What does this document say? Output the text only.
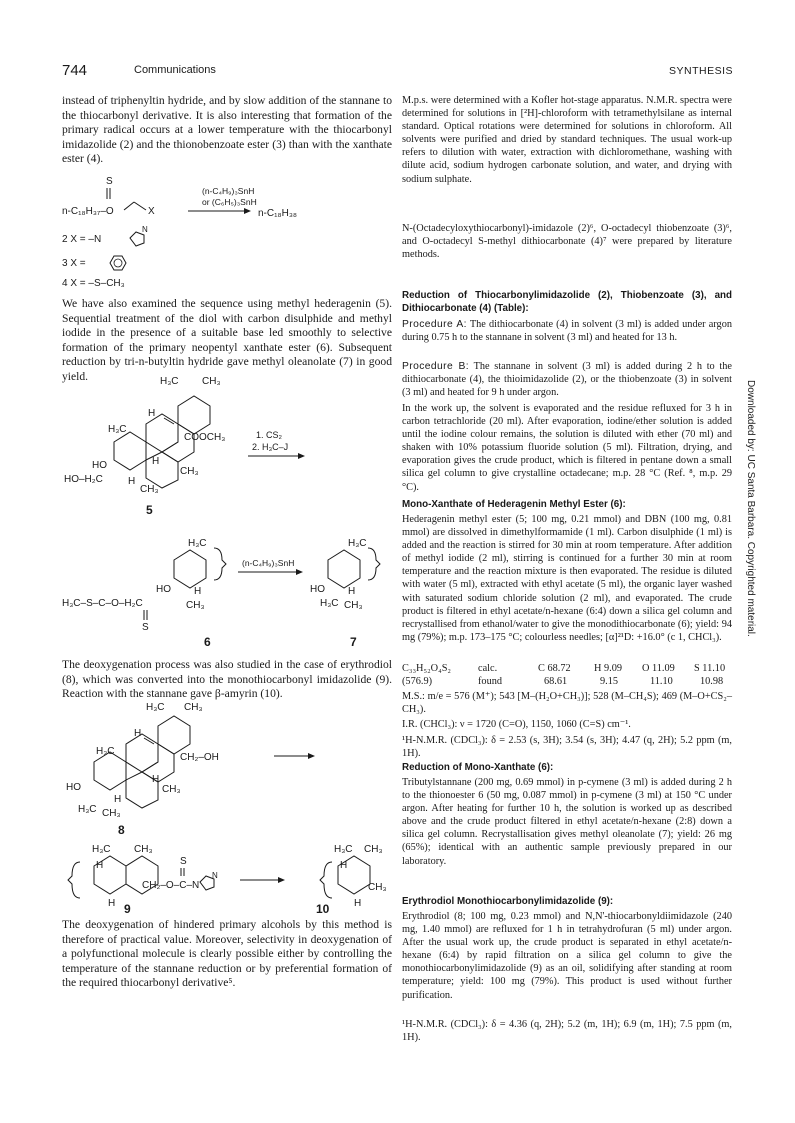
744	Communications	SYNTHESIS
Downloaded by: UC Santa Barbara. Copyrighted material.
instead of triphenyltin hydride, and by slow addition of the stannane to the thiocarbonyl derivative. It is also interesting that formation of the primary radical occurs at a lower temperature with the thiocarbonyl imidazolide (2) and the thionobenzoate ester (3) than with the xanthate ester (4).
S
n-C₁₈H₃₇–O	X
(n-C₄H₉)₃SnH
or (C₆H₅)₃SnH
n-C₁₈H₃₈
2 X = –N
N
3 X =
4 X = –S–CH₃
We have also examined the sequence using methyl hederagenin (5). Sequential treatment of the diol with carbon disulphide and methyl iodide in the presence of a suitable base led smoothly to selective formation of the primary neopentyl xanthate ester (6). Subsequent reduction by tri-n-butyltin hydride gave methyl oleanolate (7) in good yield.	H₃C CH₃
H
H₃C
COOCH₃
H
CH₃
HO
HO–H₂C	H
CH₃
1. CS₂
2. H₃C–J
5
H₃C
HO H
H₃C–S–C–O–H₂C	CH₃
S
(n-C₄H₉)₃SnH
H₃C
HO H
H₃C CH₃
6	7
The deoxygenation process was also studied in the case of erythrodiol (8), which was converted into the monothiocarbonyl imidazolide (9). Reaction with the stannane gave β-amyrin (10).
H₃C CH₃
H
H₃C
CH₂–OH
H
CH₃
HO
H
H₃C CH₃
8
H₃C CH₃
H	S
CH₂–O–C–N
N
H
H₃C CH₃
H
CH₃
H
9	10
The deoxygenation of hindered primary alcohols by this method is therefore of practical value. Moreover, selectivity in deoxygenation of a polyfunctional molecule is clearly possible either by controlling the temperature of the stannane reduction or by preferential formation of the required thiocarbonyl derivative⁵.
M.p.s. were determined with a Kofler hot-stage apparatus. N.M.R. spectra were determined for solutions in [²H]-chloroform with tetramethylsilane as internal standard. Optical rotations were determined for solutions in chloroform. All solvents were purified and dried by standard techniques. The usual work-up refers to dilution with water, extraction with dichloromethane, washing with dilute acid, sodium hydrogen carbonate solution, and water, and drying with sodium sulphate.
N-(Octadecyloxythiocarbonyl)-imidazole (2)⁶, O-octadecyl thiobenzoate (3)⁶, and O-octadecyl S-methyl dithiocarbonate (4)⁷ were prepared by literature methods.
Reduction of Thiocarbonylimidazolide (2), Thiobenzoate (3), and Dithiocarbonate (4) (Table):
Procedure A: The dithiocarbonate (4) in solvent (3 ml) is added under argon during 0.75 h to the stannane in solvent (3 ml) and heated for 13 h.
Procedure B: The stannane in solvent (3 ml) is added during 2 h to the dithiocarbonate (4), the thioimidazolide (2), or the thiobenzoate (3) in solvent (3 ml) and heated for 9 h under argon.
In the work up, the solvent is evaporated and the residue refluxed for 3 h in carbon tetrachloride (20 ml). After evaporation, iodine/ether solution is added until the iodine colour remains, the solution is diluted with ether (70 ml) and shaken with 10% potassium fluoride solution (5 ml). Filtration, drying, and evaporation gives the crude product, which is filtered in pentane down a small silica gel column to give crystalline octadecane; m.p. 28 °C (Ref. ⁸, m.p. 29 °C).
Mono-Xanthate of Hederagenin Methyl Ester (6):
Hederagenin methyl ester (5; 100 mg, 0.21 mmol) and DBN (100 mg, 0.81 mmol) are dissolved in dimethylformamide (1 ml). Carbon disulphide (1 ml) is added and the reaction is stirred for 30 min at room temperature. After addition of methyl iodide (2 ml), stirring is continued for a further 30 min at room temperature and the reaction mixture is then evaporated. The residue is diluted with water (5 ml), extracted with ethyl acetate (5 ml), the organic layer washed with saturated sodium chloride solution (2 ml), and evaporated. The crude product is filtered in ethyl acetate/n-hexane (6:4) down a silica gel column and recrystallised from ethanol/water to give the monodithiocarbonate (6); yield: 94 mg (79%); m.p. 173–175 °C; colourless needles; [α]²¹D: +16.0° (c 1, CHCl₃).
C₃₃H₅₂O₄S₂	calc.	C 68.72	H 9.09	O 11.09	S 11.10
(576.9)	found	68.61	9.15	11.10	10.98
M.S.: m/e = 576 (M⁺); 543 [M–(H₂O+CH₃)]; 528 (M–CH₄S); 469 (M–O+CS₂–CH₃).
I.R. (CHCl₃): ν = 1720 (C=O), 1150, 1060 (C=S) cm⁻¹.
¹H-N.M.R. (CDCl₃): δ = 2.53 (s, 3H); 3.54 (s, 3H); 4.47 (q, 2H); 5.2 ppm (m, 1H).
Reduction of Mono-Xanthate (6):
Tributylstannane (200 mg, 0.69 mmol) in p-cymene (3 ml) is added during 2 h to the thionoester 6 (50 mg, 0.087 mmol) in p-cymene (3 ml) at 150 °C under argon. After heating for further 10 h, the solution is worked up as described above and the crude product filtered in ethyl acetate/n-hexane (2:8) down a silica gel column. Recrystallisation gives methyl oleanolate (7); yield: 26 mg (65%); identical with an authentic sample previously prepared in our laboratory.
Erythrodiol Monothiocarbonylimidazolide (9):
Erythrodiol (8; 100 mg, 0.23 mmol) and N,N'-thiocarbonyldiimidazole (240 mg, 1.40 mmol) are refluxed for 1 h in tetrahydrofuran (5 ml) under argon. After the usual work up, the crude product is separated in ethyl acetate/n-hexane (6:4) by rapid filtration on a silica gel column to give the monothiocarbonylimidazolide (9) as an oil, solidifying after standing at room temperature; yield: 100 mg (79%). This product is used without further purification.
¹H-N.M.R. (CDCl₃): δ = 4.36 (q, 2H); 5.2 (m, 1H); 6.9 (m, 1H); 7.5 ppm (m, 1H).
